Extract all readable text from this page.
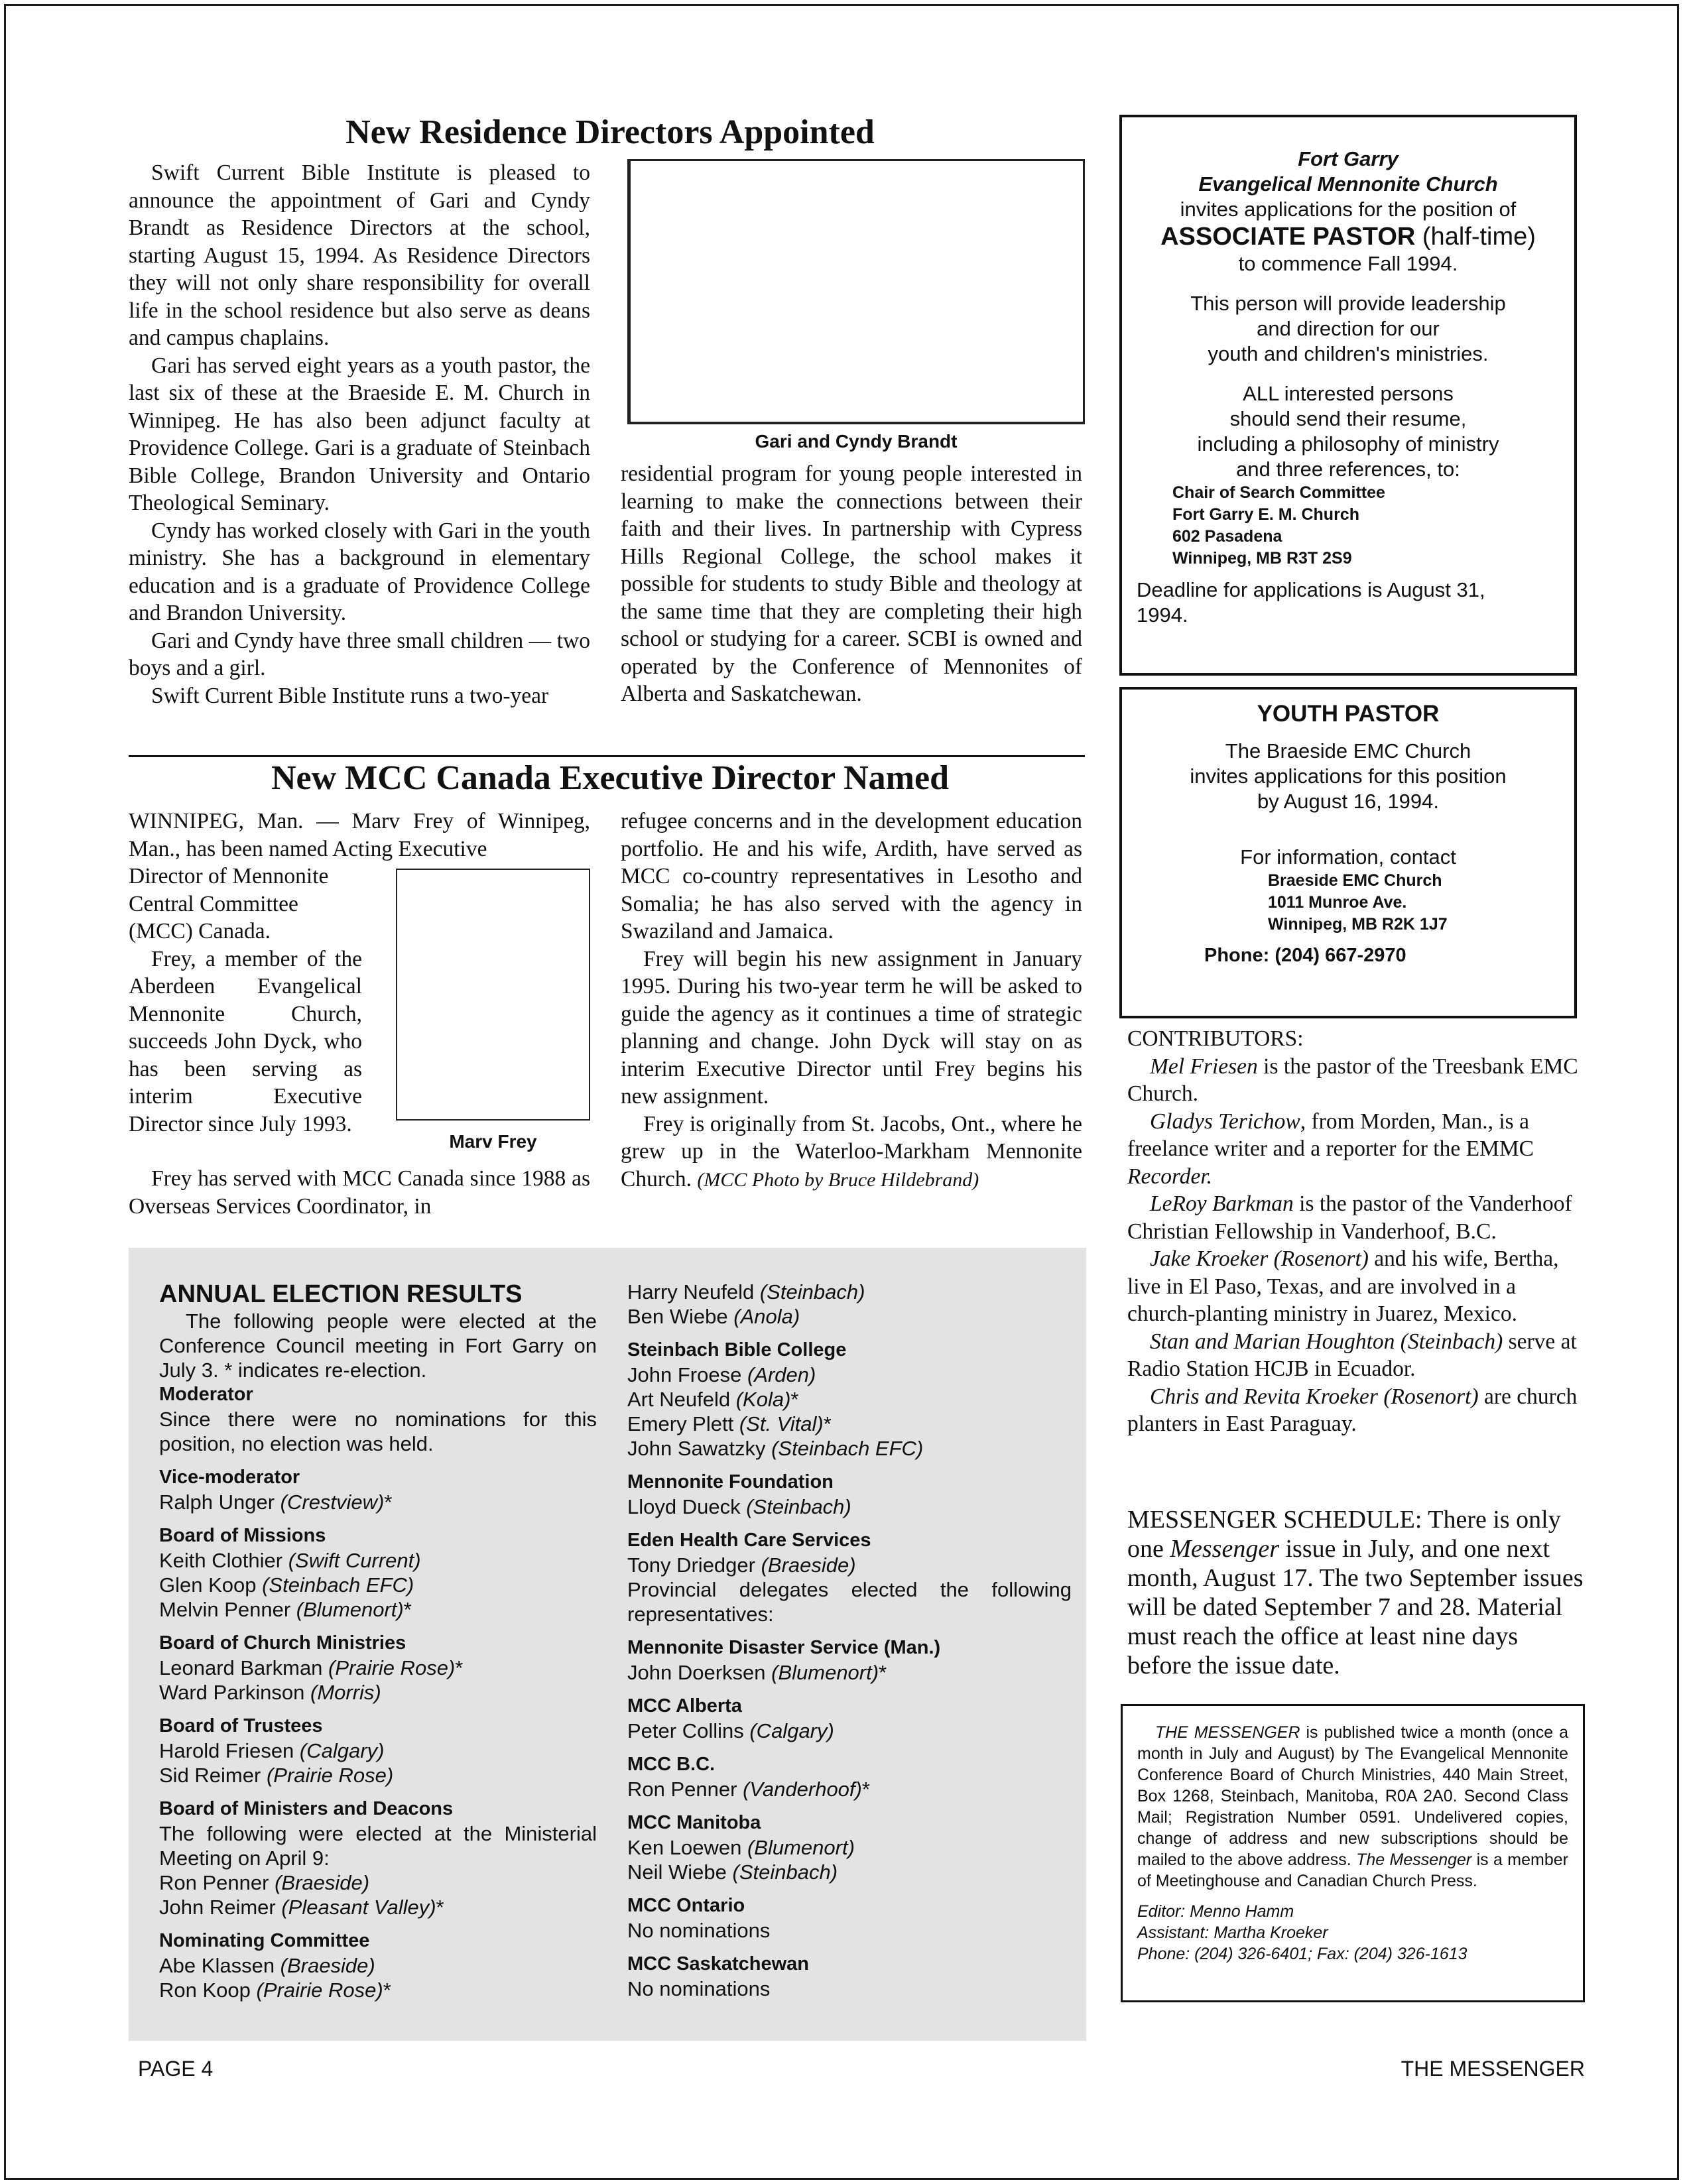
New Residence Directors Appointed

Swift Current Bible Institute is pleased to announce the appointment of Gari and Cyndy Brandt as Residence Directors at the school, starting August 15, 1994. As Residence Directors they will not only share responsibility for overall life in the school residence but also serve as deans and campus chaplains.

Gari has served eight years as a youth pastor, the last six of these at the Braeside E. M. Church in Winnipeg. He has also been adjunct faculty at Providence College. Gari is a graduate of Steinbach Bible College, Brandon University and Ontario Theological Seminary.

Cyndy has worked closely with Gari in the youth ministry. She has a background in elementary education and is a graduate of Providence College and Brandon University.

Gari and Cyndy have three small children — two boys and a girl.

Swift Current Bible Institute runs a two-year

Gari and Cyndy Brandt

residential program for young people interested in learning to make the connections between their faith and their lives. In partnership with Cypress Hills Regional College, the school makes it possible for students to study Bible and theology at the same time that they are completing their high school or studying for a career. SCBI is owned and operated by the Conference of Mennonites of Alberta and Saskatchewan.

New MCC Canada Executive Director Named

WINNIPEG, Man. — Marv Frey of Winnipeg, Man., has been named Acting Executive

Director of Mennonite Central Committee (MCC) Canada.

Frey, a member of the Aberdeen Evangelical Mennonite Church, succeeds John Dyck, who has been serving as interim Executive Director since July 1993.

Marv Frey

Frey has served with MCC Canada since 1988 as Overseas Services Coordinator, in

refugee concerns and in the development education portfolio. He and his wife, Ardith, have served as MCC co-country representatives in Lesotho and Somalia; he has also served with the agency in Swaziland and Jamaica.

Frey will begin his new assignment in January 1995. During his two-year term he will be asked to guide the agency as it continues a time of strategic planning and change. John Dyck will stay on as interim Executive Director until Frey begins his new assignment.

Frey is originally from St. Jacobs, Ont., where he grew up in the Waterloo-Markham Mennonite Church. (MCC Photo by Bruce Hildebrand)

Fort Garry
Evangelical Mennonite Church
invites applications for the position of
ASSOCIATE PASTOR (half-time)
to commence Fall 1994.
This person will provide leadership
and direction for our
youth and children's ministries.
ALL interested persons
should send their resume,
including a philosophy of ministry
and three references, to:
Chair of Search Committee
Fort Garry E. M. Church
602 Pasadena
Winnipeg, MB R3T 2S9
Deadline for applications is August 31,
1994.
YOUTH PASTOR
The Braeside EMC Church
invites applications for this position
by August 16, 1994.
For information, contact
Braeside EMC Church
1011 Munroe Ave.
Winnipeg, MB R2K 1J7
Phone: (204) 667-2970

CONTRIBUTORS:

Mel Friesen is the pastor of the Treesbank EMC Church.

Gladys Terichow, from Morden, Man., is a freelance writer and a reporter for the EMMC Recorder.

LeRoy Barkman is the pastor of the Vanderhoof Christian Fellowship in Vanderhoof, B.C.

Jake Kroeker (Rosenort) and his wife, Bertha, live in El Paso, Texas, and are involved in a church-planting ministry in Juarez, Mexico.

Stan and Marian Houghton (Steinbach) serve at Radio Station HCJB in Ecuador.

Chris and Revita Kroeker (Rosenort) are church planters in East Paraguay.

MESSENGER SCHEDULE: There is only one Messenger issue in July, and one next month, August 17. The two September issues will be dated September 7 and 28. Material must reach the office at least nine days before the issue date.
THE MESSENGER is published twice a month (once a month in July and August) by The Evangelical Mennonite Conference Board of Church Ministries, 440 Main Street, Box 1268, Steinbach, Manitoba, R0A 2A0. Second Class Mail; Registration Number 0591. Undelivered copies, change of address and new subscriptions should be mailed to the above address. The Messenger is a member of Meetinghouse and Canadian Church Press.
Editor: Menno Hamm
Assistant: Martha Kroeker
Phone: (204) 326-6401; Fax: (204) 326-1613
ANNUAL ELECTION RESULTS
The following people were elected at the Conference Council meeting in Fort Garry on July 3. * indicates re-election.
Moderator
Since there were no nominations for this position, no election was held.
Vice-moderator
Ralph Unger (Crestview)*
Board of Missions
Keith Clothier (Swift Current)
Glen Koop (Steinbach EFC)
Melvin Penner (Blumenort)*
Board of Church Ministries
Leonard Barkman (Prairie Rose)*
Ward Parkinson (Morris)
Board of Trustees
Harold Friesen (Calgary)
Sid Reimer (Prairie Rose)
Board of Ministers and Deacons
The following were elected at the Ministerial Meeting on April 9:
Ron Penner (Braeside)
John Reimer (Pleasant Valley)*
Nominating Committee
Abe Klassen (Braeside)
Ron Koop (Prairie Rose)*
Harry Neufeld (Steinbach)
Ben Wiebe (Anola)
Steinbach Bible College
John Froese (Arden)
Art Neufeld (Kola)*
Emery Plett (St. Vital)*
John Sawatzky (Steinbach EFC)
Mennonite Foundation
Lloyd Dueck (Steinbach)
Eden Health Care Services
Tony Driedger (Braeside)
Provincial delegates elected the following representatives:
Mennonite Disaster Service (Man.)
John Doerksen (Blumenort)*
MCC Alberta
Peter Collins (Calgary)
MCC B.C.
Ron Penner (Vanderhoof)*
MCC Manitoba
Ken Loewen (Blumenort)
Neil Wiebe (Steinbach)
MCC Ontario
No nominations
MCC Saskatchewan
No nominations
PAGE 4	THE MESSENGER
